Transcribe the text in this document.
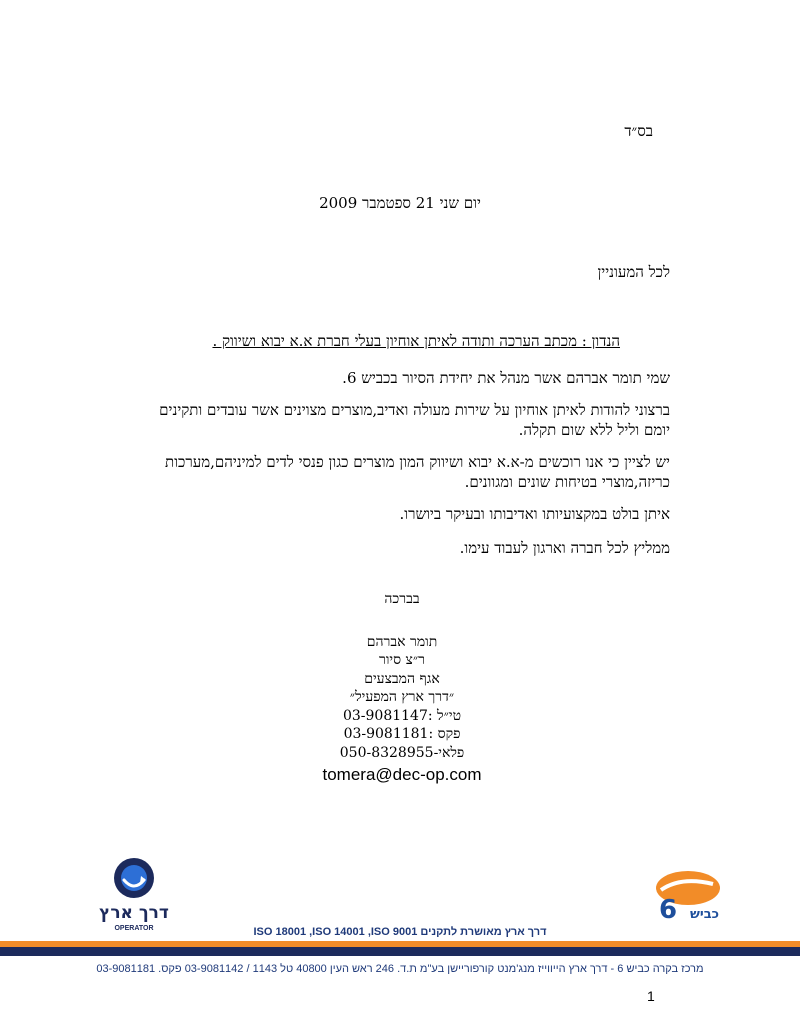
בס״ד
יום שני 21 ספטמבר 2009
לכל המעוניין
הנדון : מכתב הערכה ותודה לאיתן אוחיון בעלי חברת א.א יבוא ושיווק .
שמי תומר אברהם אשר מנהל את יחידת הסיור בכביש 6.
ברצוני להודות לאיתן אוחיון על שירות מעולה ואדיב,מוצרים מצוינים אשר עובדים ותקינים יומם וליל ללא שום תקלה.
יש לציין כי אנו רוכשים מ-א.א יבוא ושיווק המון מוצרים כגון פנסי לדים למיניהם,מערכות כריזה,מוצרי בטיחות שונים ומגוונים.
איתן בולט במקצועיותו ואדיבותו ובעיקר ביושרו.
ממליץ לכל חברה וארגון לעבוד עימו.
בברכה
תומר אברהם
ר״צ סיור
אגף המבצעים
״דרך ארץ המפעיל״
טי״ל :03-9081147
פקס :03-9081181
פלאי-050-8328955
tomera@dec-op.com
דרך ארץ
OPERATOR
6 כביש
דרך ארץ מאושרת לתקנים ISO 18001 ,ISO 14001 ,ISO 9001
מרכז בקרה כביש 6 - דרך ארץ הייווייז מנג'מנט קורפוריישן בע"מ ת.ד. 246 ראש העין 40800 טל 1143 / 03-9081142 פקס. 03-9081181
1
